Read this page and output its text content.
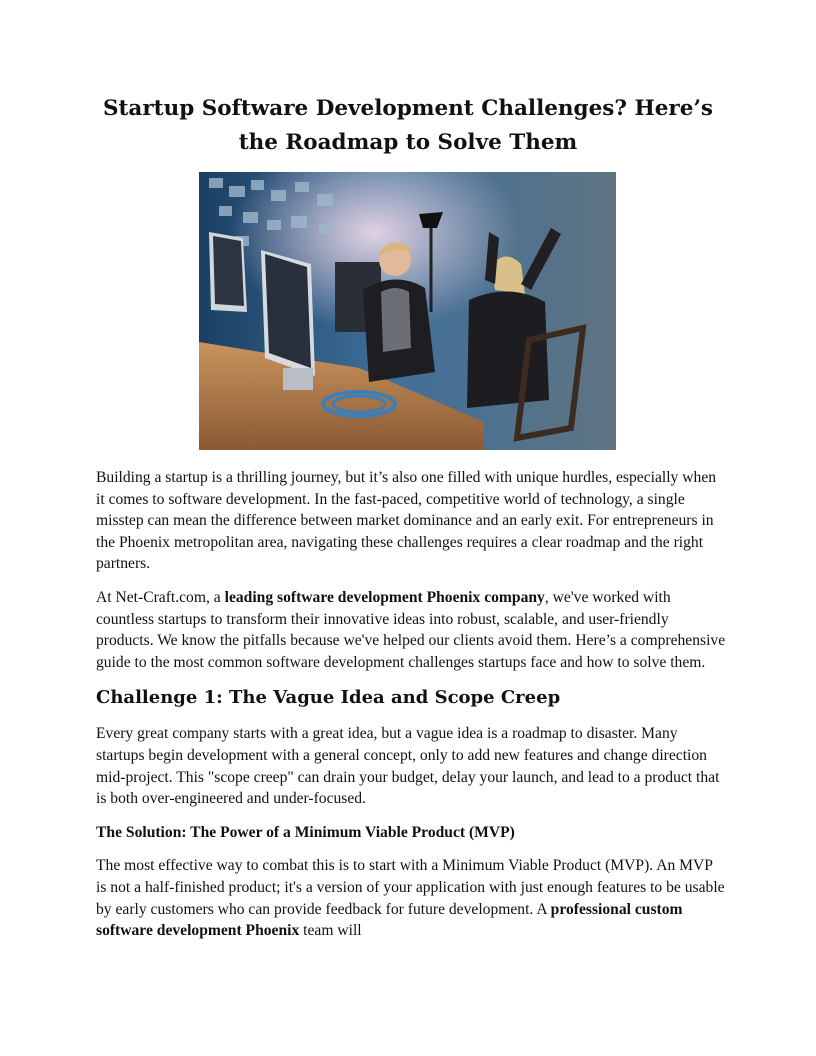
Startup Software Development Challenges? Here’s the Roadmap to Solve Them

Building a startup is a thrilling journey, but it’s also one filled with unique hurdles, especially when it comes to software development. In the fast-paced, competitive world of technology, a single misstep can mean the difference between market dominance and an early exit. For entrepreneurs in the Phoenix metropolitan area, navigating these challenges requires a clear roadmap and the right partners.

At Net-Craft.com, a leading software development Phoenix company, we've worked with countless startups to transform their innovative ideas into robust, scalable, and user-friendly products. We know the pitfalls because we've helped our clients avoid them. Here’s a comprehensive guide to the most common software development challenges startups face and how to solve them.

Challenge 1: The Vague Idea and Scope Creep

Every great company starts with a great idea, but a vague idea is a roadmap to disaster. Many startups begin development with a general concept, only to add new features and change direction mid-project. This "scope creep" can drain your budget, delay your launch, and lead to a product that is both over-engineered and under-focused.

The Solution: The Power of a Minimum Viable Product (MVP)

The most effective way to combat this is to start with a Minimum Viable Product (MVP). An MVP is not a half-finished product; it's a version of your application with just enough features to be usable by early customers who can provide feedback for future development. A professional custom software development Phoenix team will
